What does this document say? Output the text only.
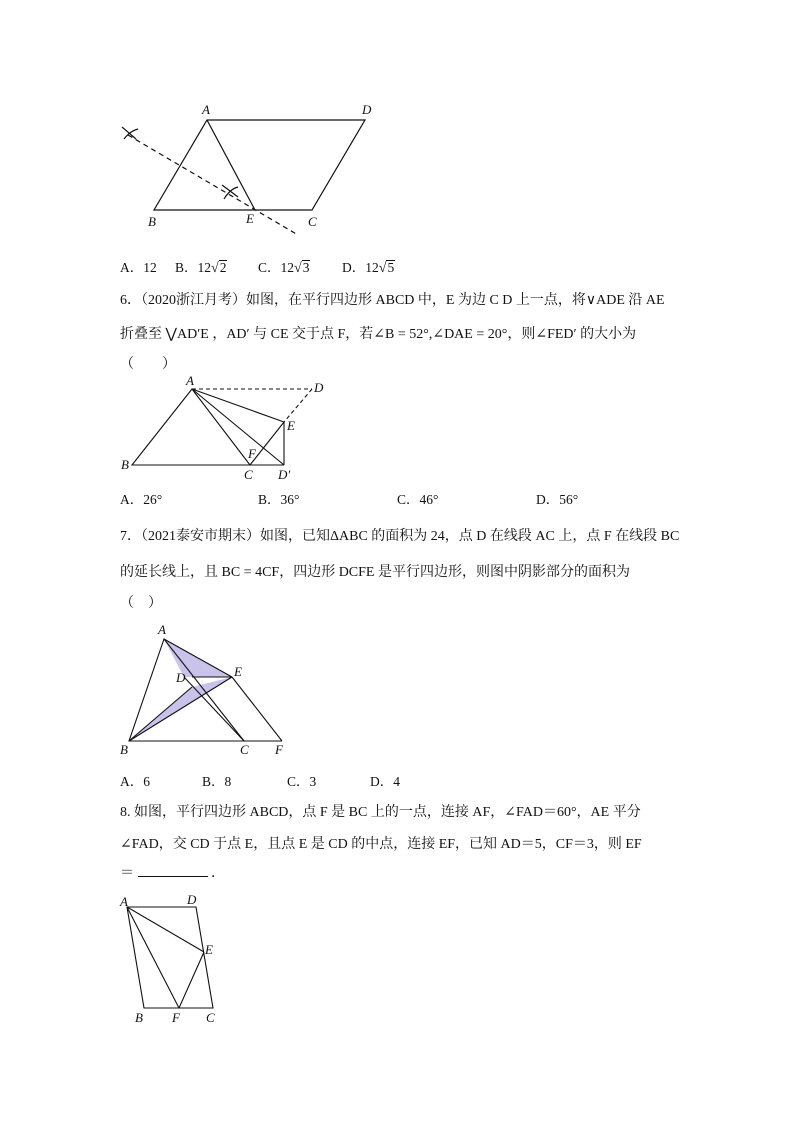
A	D
B	E	C
A．12 B．12√2 C．12√3 D．12√5
6．（2020浙江月考）如图，在平行四边形 ABCD 中，E 为边 C D 上一点，将∨ADE 沿 AE
折叠至 ⋁AD′E ，AD′ 与 CE 交于点 F，若∠B = 52°,∠DAE = 20°，则∠FED′ 的大小为
（　　）
A	D
E
B
F
C D′
A．26°	B．36°	C．46°	D．56°
7．（2021泰安市期末）如图，已知ΔABC 的面积为 24，点 D 在线段 AC 上，点 F 在线段 BC
的延长线上，且 BC = 4CF，四边形 DCFE 是平行四边形，则图中阴影部分的面积为
（　）
A
E
D
B	C F
A．6	B．8	C．3	D．4
8. 如图，平行四边形 ABCD，点 F 是 BC 上的一点，连接 AF，∠FAD＝60°，AE 平分
∠FAD，交 CD 于点 E，且点 E 是 CD 的中点，连接 EF，已知 AD＝5，CF＝3，则 EF
＝	．
A	D
E
B F C
